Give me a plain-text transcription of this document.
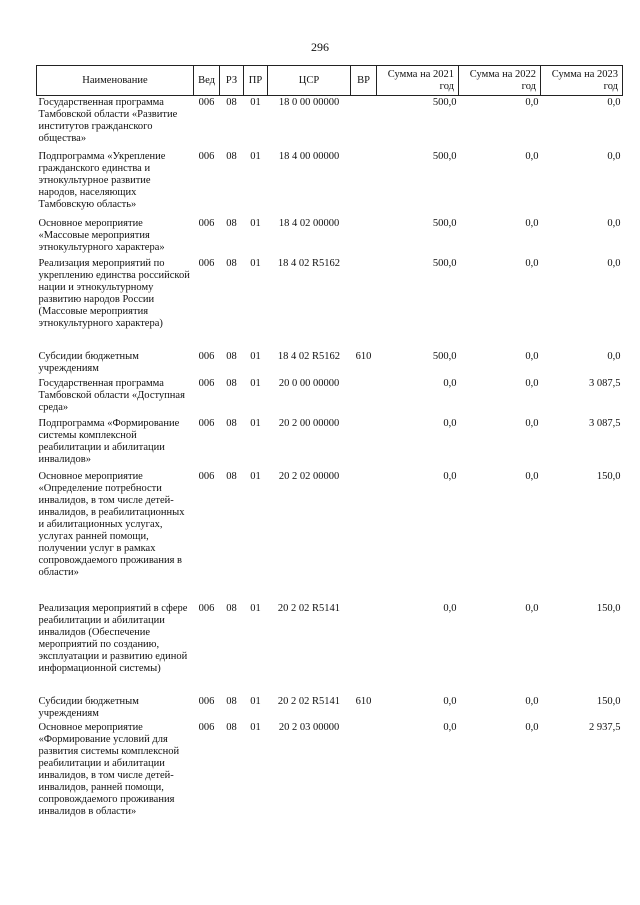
296
Наименование	Вед	РЗ	ПР	ЦСР	ВР	Сумма на 2021 год	Сумма на 2022 год	Сумма на 2023 год
Государственная программа Тамбовской области «Развитие институтов гражданского общества»	006	08	01	18 0 00 00000		500,0	0,0	0,0
Подпрограмма «Укрепление гражданского единства и этнокультурное развитие народов, населяющих Тамбовскую область»	006	08	01	18 4 00 00000		500,0	0,0	0,0
Основное мероприятие «Массовые мероприятия этнокультурного характера»	006	08	01	18 4 02 00000		500,0	0,0	0,0
Реализация мероприятий по укреплению единства российской нации и этнокультурному развитию народов России (Массовые мероприятия этнокультурного характера)	006	08	01	18 4 02 R5162		500,0	0,0	0,0
Субсидии бюджетным учреждениям	006	08	01	18 4 02 R5162	610	500,0	0,0	0,0
Государственная программа Тамбовской области «Доступная среда»	006	08	01	20 0 00 00000		0,0	0,0	3 087,5
Подпрограмма «Формирование системы комплексной реабилитации и абилитации инвалидов»	006	08	01	20 2 00 00000		0,0	0,0	3 087,5
Основное мероприятие «Определение потребности инвалидов, в том числе детей-инвалидов, в реабилитационных и абилитационных услугах, услугах ранней помощи, получении услуг в рамках сопровождаемого проживания в области»	006	08	01	20 2 02 00000		0,0	0,0	150,0
Реализация мероприятий в сфере реабилитации и абилитации инвалидов (Обеспечение мероприятий по созданию, эксплуатации и развитию единой информационной системы)	006	08	01	20 2 02 R5141		0,0	0,0	150,0
Субсидии бюджетным учреждениям	006	08	01	20 2 02 R5141	610	0,0	0,0	150,0
Основное мероприятие «Формирование условий для развития системы комплексной реабилитации и абилитации инвалидов, в том числе детей-инвалидов, ранней помощи, сопровождаемого проживания инвалидов в области»	006	08	01	20 2 03 00000		0,0	0,0	2 937,5
